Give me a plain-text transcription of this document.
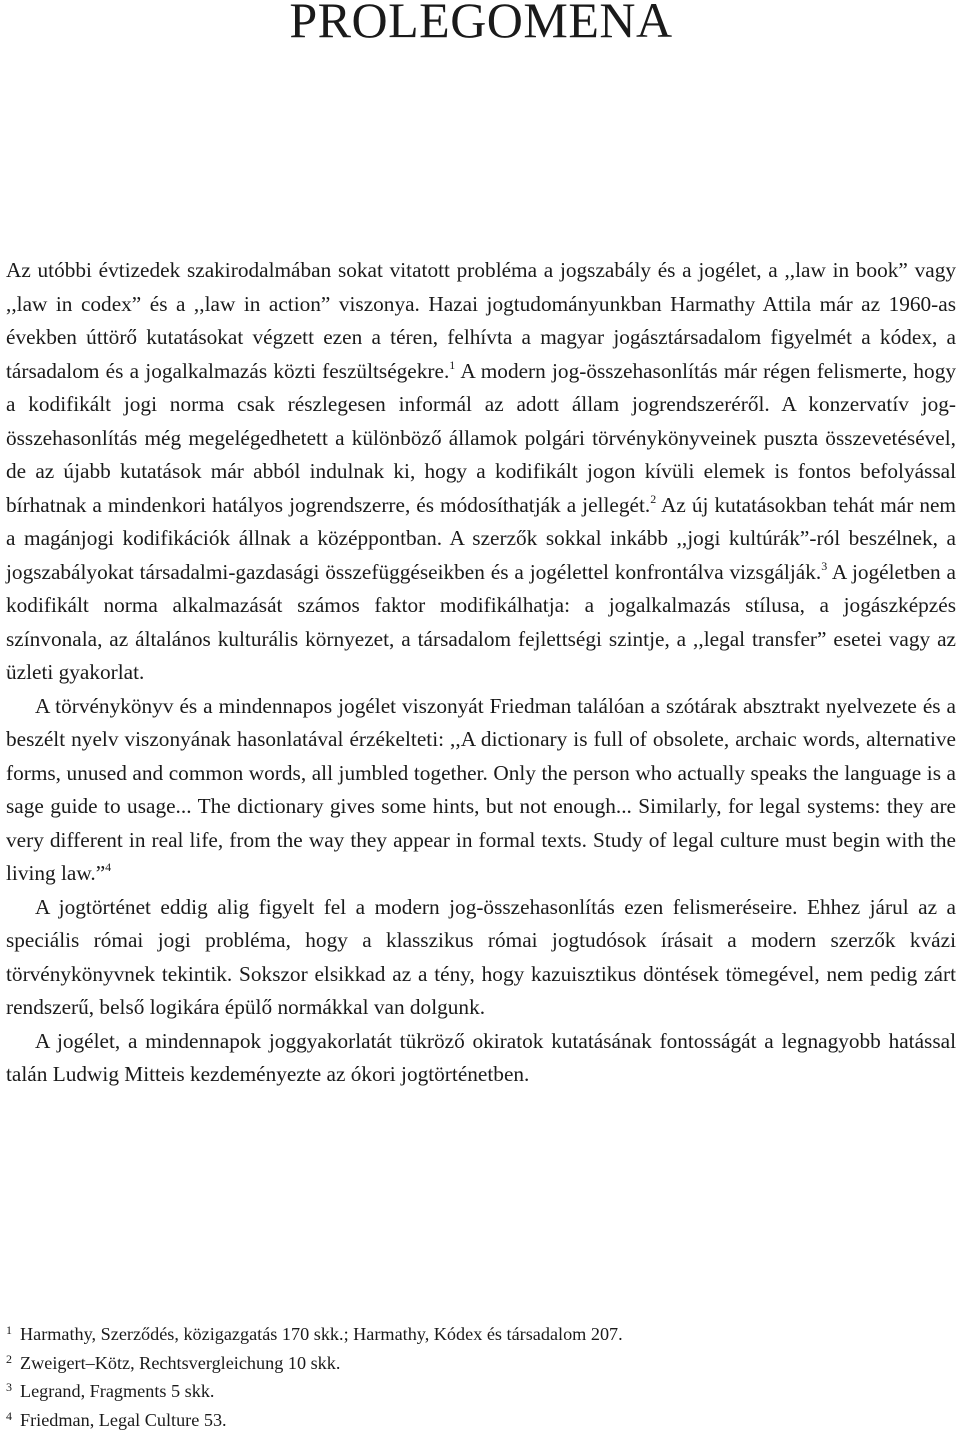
PROLEGOMENA

Az utóbbi évtizedek szakirodalmában sokat vitatott probléma a jogszabály és a jogélet, a ,,law in book” vagy ,,law in codex” és a ,,law in action” viszonya. Hazai jogtudományunkban Harmathy Attila már az 1960-as években úttörő kutatásokat végzett ezen a téren, felhívta a magyar jogásztársadalom figyelmét a kódex, a társadalom és a jogalkalmazás közti feszültségekre.$^1$ A modern jog-összehasonlítás már régen felismerte, hogy a kodifikált jogi norma csak részlegesen informál az adott állam jogrendszeréről. A konzervatív jog-összehasonlítás még megelégedhetett a különböző államok polgári törvénykönyveinek puszta összevetésével, de az újabb kutatások már abból indulnak ki, hogy a kodifikált jogon kívüli elemek is fontos befolyással bírhatnak a mindenkori hatályos jogrendszerre, és módosíthatják a jellegét.$^2$ Az új kutatásokban tehát már nem a magánjogi kodifikációk állnak a középpontban. A szerzők sokkal inkább ,,jogi kultúrák”-ról beszélnek, a jogszabályokat társadalmi-gazdasági összefüggéseikben és a jogélettel konfrontálva vizsgálják.$^3$ A jogéletben a kodifikált norma alkalmazását számos faktor modifikálhatja: a jogalkalmazás stílusa, a jogászképzés színvonala, az általános kulturális környezet, a társadalom fejlettségi szintje, a ,,legal transfer” esetei vagy az üzleti gyakorlat.

A törvénykönyv és a mindennapos jogélet viszonyát Friedman találóan a szótárak absztrakt nyelvezete és a beszélt nyelv viszonyának hasonlatával érzékelteti: ,,A dictionary is full of obsolete, archaic words, alternative forms, unused and common words, all jumbled together. Only the person who actually speaks the language is a sage guide to usage... The dictionary gives some hints, but not enough... Similarly, for legal systems: they are very different in real life, from the way they appear in formal texts. Study of legal culture must begin with the living law.”$^4$

A jogtörténet eddig alig figyelt fel a modern jog-összehasonlítás ezen felismeréseire. Ehhez járul az a speciális római jogi probléma, hogy a klasszikus római jogtudósok írásait a modern szerzők kvázi törvénykönyvnek tekintik. Sokszor elsikkad az a tény, hogy kazuisztikus döntések tömegével, nem pedig zárt rendszerű, belső logikára épülő normákkal van dolgunk.

A jogélet, a mindennapok joggyakorlatát tükröző okiratok kutatásának fontosságát a legnagyobb hatással talán Ludwig Mitteis kezdeményezte az ókori jogtörténetben.

1 Harmathy, Szerződés, közigazgatás 170 skk.; Harmathy, Kódex és társadalom 207.
2 Zweigert–Kötz, Rechtsvergleichung 10 skk.
3 Legrand, Fragments 5 skk.
4 Friedman, Legal Culture 53.
